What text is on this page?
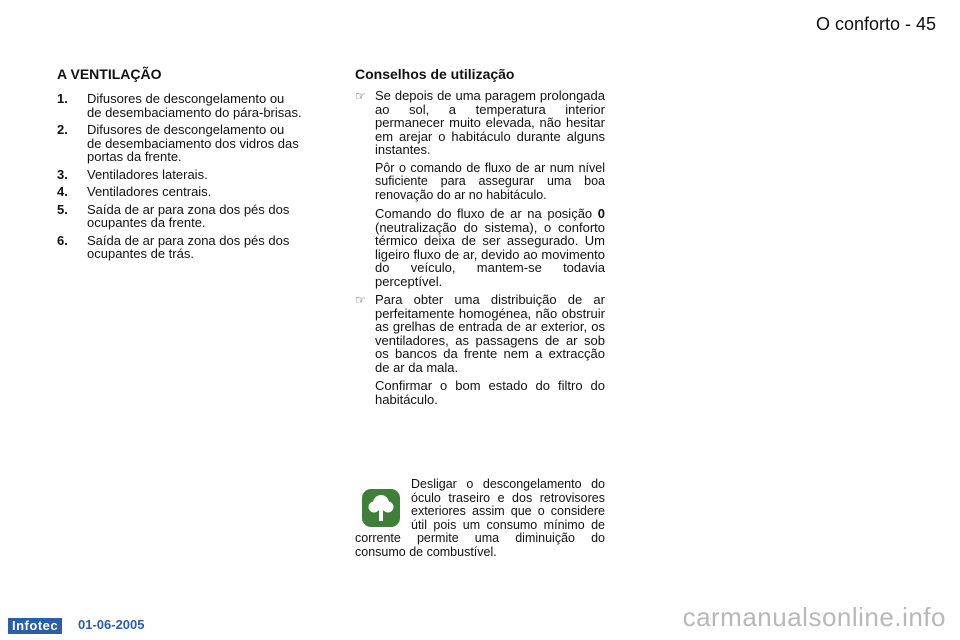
O conforto - 45
A VENTILAÇÃO
1. Difusores de descongelamento ou de desembaciamento do pára-brisas.
2. Difusores de descongelamento ou de desembaciamento dos vidros das portas da frente.
3. Ventiladores laterais.
4. Ventiladores centrais.
5. Saída de ar para zona dos pés dos ocupantes da frente.
6. Saída de ar para zona dos pés dos ocupantes de trás.
Conselhos de utilização
☞ Se depois de uma paragem prolongada ao sol, a temperatura interior permanecer muito elevada, não hesitar em arejar o habitáculo durante alguns instantes.

Pôr o comando de fluxo de ar num nível suficiente para assegurar uma boa renovação do ar no habitáculo.

Comando do fluxo de ar na posição 0 (neutralização do sistema), o conforto térmico deixa de ser assegurado. Um ligeiro fluxo de ar, devido ao movimento do veículo, mantem-se todavia perceptível.

☞ Para obter uma distribuição de ar perfeitamente homogénea, não obstruir as grelhas de entrada de ar exterior, os ventiladores, as passagens de ar sob os bancos da frente nem a extracção de ar da mala.

Confirmar o bom estado do filtro do habitáculo.

Desligar o descongelamento do óculo traseiro e dos retrovisores exteriores assim que o considere útil pois um consumo mínimo de corrente permite uma diminuição do consumo de combustível.

Infotec	01-06-2005	carmanualsonline.info
